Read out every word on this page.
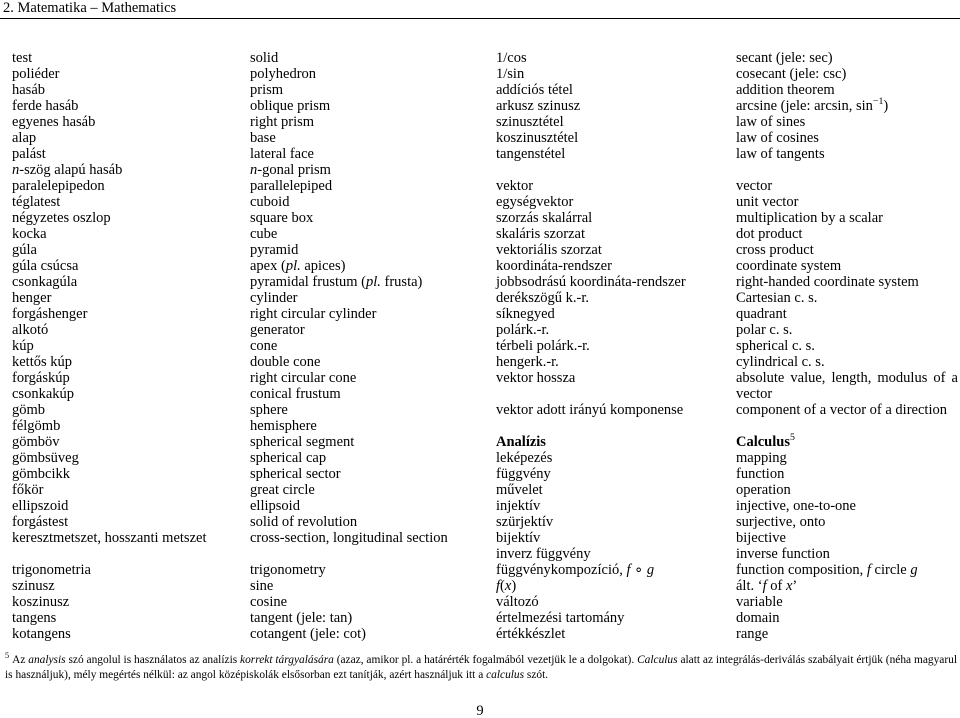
2. Matematika – Mathematics
test	solid
poliéder	polyhedron
hasáb	prism
ferde hasáb	oblique prism
egyenes hasáb	right prism
alap	base
palást	lateral face
n-szög alapú hasáb	n-gonal prism
paralelepipedon	parallelepiped
téglatest	cuboid
négyzetes oszlop	square box
kocka	cube
gúla	pyramid
gúla csúcsa	apex (pl. apices)
csonkagúla	pyramidal frustum (pl. frusta)
henger	cylinder
forgáshenger	right circular cylinder
alkotó	generator
kúp	cone
kettős kúp	double cone
forgáskúp	right circular cone
csonkakúp	conical frustum
gömb	sphere
félgömb	hemisphere
gömböv	spherical segment
gömbsüveg	spherical cap
gömbcikk	spherical sector
főkör	great circle
ellipszoid	ellipsoid
forgástest	solid of revolution
keresztmetszet, hosszanti metszet	cross-section, longitudinal section
trigonometria	trigonometry
szinusz	sine
koszinusz	cosine
tangens	tangent (jele: tan)
kotangens	cotangent (jele: cot)
1/cos	secant (jele: sec)
1/sin	cosecant (jele: csc)
addíciós tétel	addition theorem
arkusz szinusz	arcsine (jele: arcsin, $\sin^{-1}$)
szinusztétel	law of sines
koszinusztétel	law of cosines
tangenstétel	law of tangents
vektor	vector
egységvektor	unit vector
szorzás skalárral	multiplication by a scalar
skaláris szorzat	dot product
vektoriális szorzat	cross product
koordináta-rendszer	coordinate system
jobbsodrású koordináta-rendszer	right-handed coordinate system
derékszögű k.-r.	Cartesian c. s.
síknegyed	quadrant
polárk.-r.	polar c. s.
térbeli polárk.-r.	spherical c. s.
hengerk.-r.	cylindrical c. s.
vektor hossza	absolute value, length, modulus of a vector
vektor adott irányú komponense	component of a vector of a direction
Analízis	Calculus$^5$
leképezés	mapping
függvény	function
művelet	operation
injektív	injective, one-to-one
szürjektív	surjective, onto
bijektív	bijective
inverz függvény	inverse function
függvénykompozíció, f ∘ g	function composition, f circle g
f(x)	ált. ‘f of x’
változó	variable
értelmezési tartomány	domain
értékkészlet	range
$^5$ Az analysis szó angolul is használatos az analízis korrekt tárgyalására (azaz, amikor pl. a határérték fogalmából vezetjük le a dolgokat). Calculus alatt az integrálás-deriválás szabályait értjük (néha magyarul is használjuk), mély megértés nélkül: az angol középiskolák elsősorban ezt tanítják, azért használjuk itt a calculus szót.
9
